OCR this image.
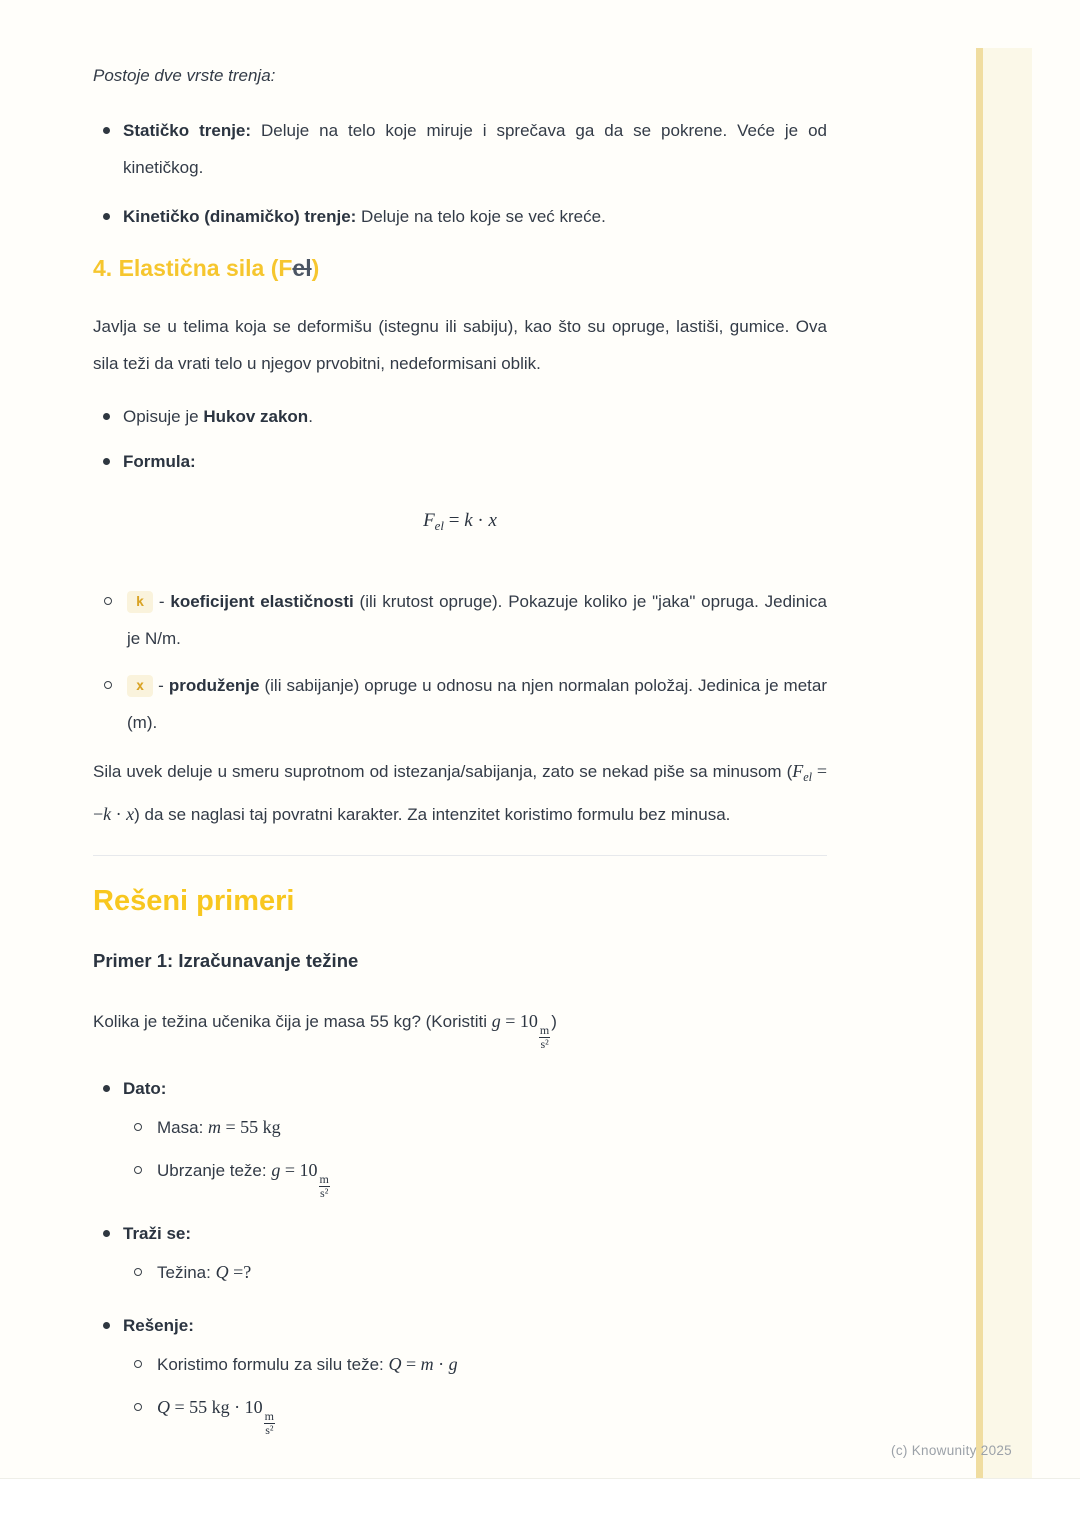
Postoje dve vrste trenja:

Statičko trenje: Deluje na telo koje miruje i sprečava ga da se pokrene. Veće je od kinetičkog.
Kinetičko (dinamičko) trenje: Deluje na telo koje se već kreće.
4. Elastična sila (Fel)

Javlja se u telima koja se deformišu (istegnu ili sabiju), kao što su opruge, lastiši, gumice. Ova sila teži da vrati telo u njegov prvobitni, nedeformisani oblik.

Opisuje je Hukov zakon.
Formula:
$F_{el} = k \cdot x$
k - koeficijent elastičnosti (ili krutost opruge). Pokazuje koliko je "jaka" opruga. Jedinica je N/m.
x - produženje (ili sabijanje) opruge u odnosu na njen normalan položaj. Jedinica je metar (m).

Sila uvek deluje u smeru suprotnom od istezanja/sabijanja, zato se nekad piše sa minusom $(F_{el} = -k \cdot x)$ da se naglasi taj povratni karakter. Za intenzitet koristimo formulu bez minusa.

Rešeni primeri
Primer 1: Izračunavanje težine

Kolika je težina učenika čija je masa 55 kg? (Koristiti g = 10
$\frac{m}{\text{s²}}$
)

Dato:
Masa: m = 55 kg
Ubrzanje teže: g = 10
$\frac{m}{\text{s²}}$
Traži se:
Težina: Q =?
Rešenje:
Koristimo formulu za silu teže: Q = m · g
Q = 55 kg · 10
$\frac{m}{\text{s²}}$
(c) Knowunity 2025
